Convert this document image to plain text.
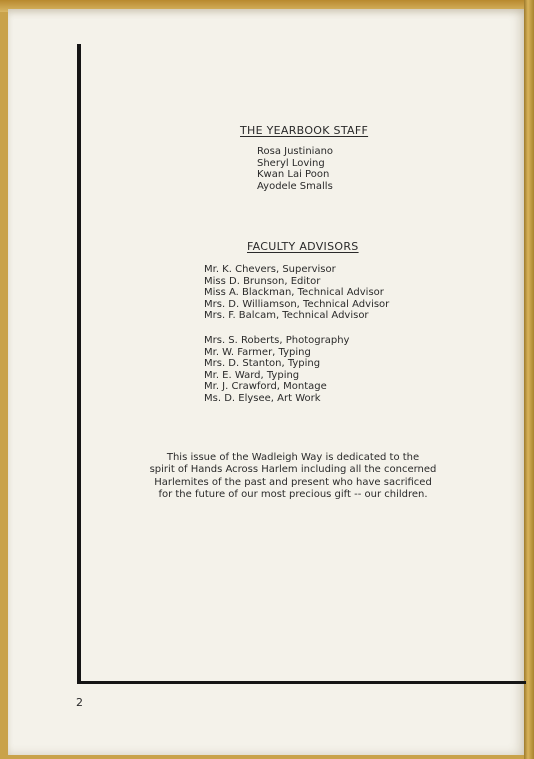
THE YEARBOOK STAFF
Rosa Justiniano
Sheryl Loving
Kwan Lai Poon
Ayodele Smalls
FACULTY ADVISORS
Mr. K. Chevers, Supervisor
Miss D. Brunson, Editor
Miss A. Blackman, Technical Advisor
Mrs. D. Williamson, Technical Advisor
Mrs. F. Balcam, Technical Advisor
Mrs. S. Roberts, Photography
Mr. W. Farmer, Typing
Mrs. D. Stanton, Typing
Mr. E. Ward, Typing
Mr. J. Crawford, Montage
Ms. D. Elysee, Art Work
This issue of the Wadleigh Way is dedicated to the
spirit of Hands Across Harlem including all the concerned
Harlemites of the past and present who have sacrificed
for the future of our most precious gift -- our children.
2
